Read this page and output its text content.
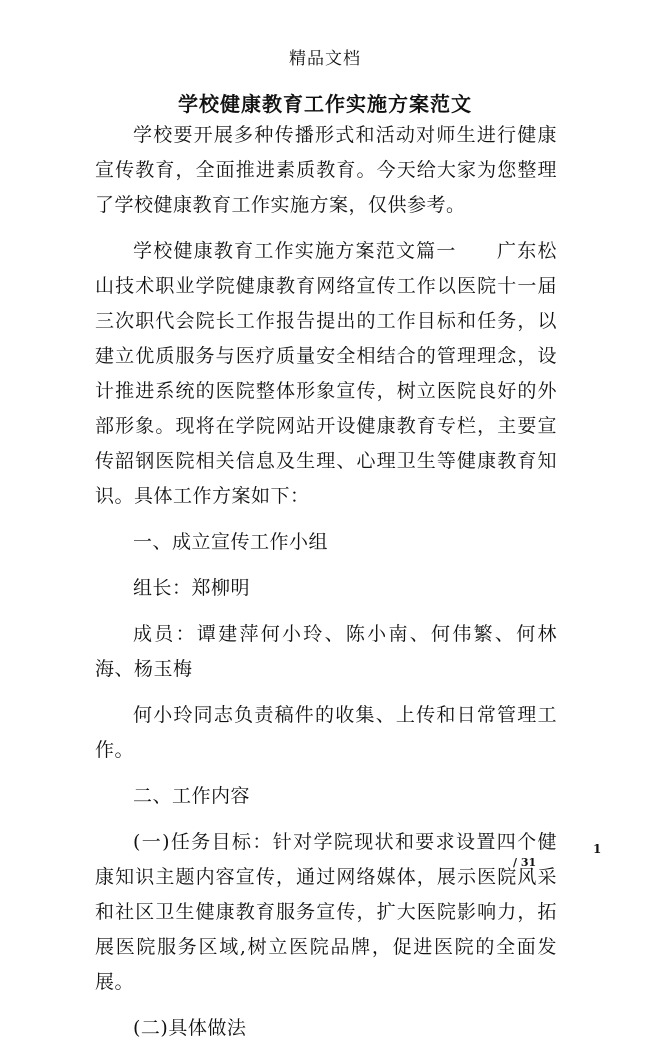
精品文档
学校健康教育工作实施方案范文

学校要开展多种传播形式和活动对师生进行健康宣传教育，全面推进素质教育。今天给大家为您整理了学校健康教育工作实施方案，仅供参考。

学校健康教育工作实施方案范文篇一　　广东松山技术职业学院健康教育网络宣传工作以医院十一届三次职代会院长工作报告提出的工作目标和任务，以建立优质服务与医疗质量安全相结合的管理理念，设计推进系统的医院整体形象宣传，树立医院良好的外部形象。现将在学院网站开设健康教育专栏，主要宣传韶钢医院相关信息及生理、心理卫生等健康教育知识。具体工作方案如下：

一、成立宣传工作小组

组长：郑柳明

成员：谭建萍何小玲、陈小南、何伟繁、何林海、杨玉梅

何小玲同志负责稿件的收集、上传和日常管理工作。

二、工作内容

(一)任务目标：针对学院现状和要求设置四个健康知识主题内容宣传，通过网络媒体，展示医院风采和社区卫生健康教育服务宣传，扩大医院影响力，拓展医院服务区域,树立医院品牌，促进医院的全面发展。

(二)具体做法

1
/ 31
